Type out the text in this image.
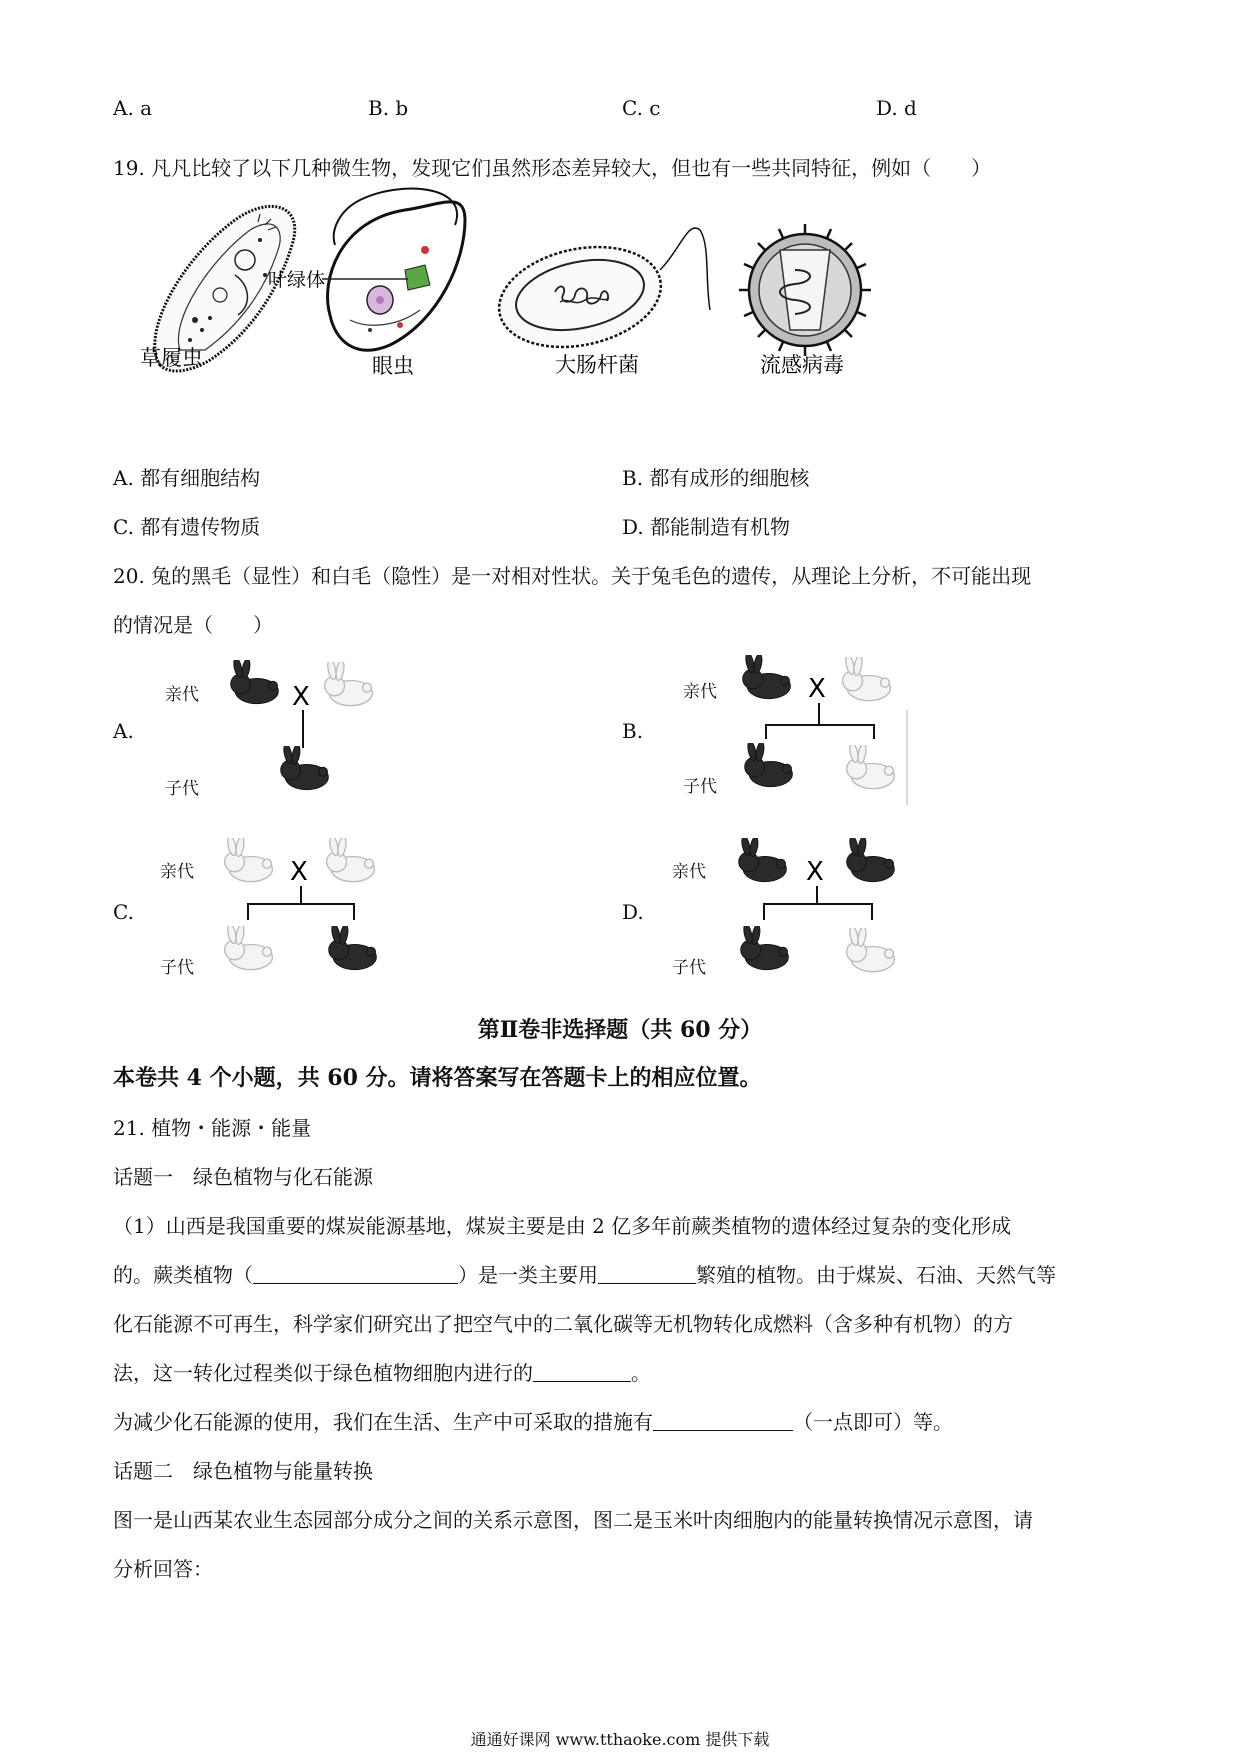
A. a	B. b	C. c	D. d
19. 凡凡比较了以下几种微生物，发现它们虽然形态差异较大，但也有一些共同特征，例如（　　）
草履虫
叶绿体
眼虫	大肠杆菌	流感病毒
A. 都有细胞结构	B. 都有成形的细胞核
C. 都有遗传物质	D. 都能制造有机物
20. 兔的黑毛（显性）和白毛（隐性）是一对相对性状。关于兔毛色的遗传，从理论上分析，不可能出现
的情况是（　　）
A.
亲代
子代
X
B.
亲代
子代
X
C.
亲代
子代
X
D.
亲代
子代
X
第Ⅱ卷非选择题（共 60 分）
本卷共 4 个小题，共 60 分。请将答案写在答题卡上的相应位置。
21. 植物・能源・能量
话题一　绿色植物与化石能源
（1）山西是我国重要的煤炭能源基地，煤炭主要是由 2 亿多年前蕨类植物的遗体经过复杂的变化形成
的。蕨类植物（	）是一类主要用	繁殖的植物。由于煤炭、石油、天然气等
化石能源不可再生，科学家们研究出了把空气中的二氧化碳等无机物转化成燃料（含多种有机物）的方
法，这一转化过程类似于绿色植物细胞内进行的	。
为减少化石能源的使用，我们在生活、生产中可采取的措施有	（一点即可）等。
话题二　绿色植物与能量转换
图一是山西某农业生态园部分成分之间的关系示意图，图二是玉米叶肉细胞内的能量转换情况示意图，请
分析回答：
通通好课网 www.tthaoke.com 提供下载
